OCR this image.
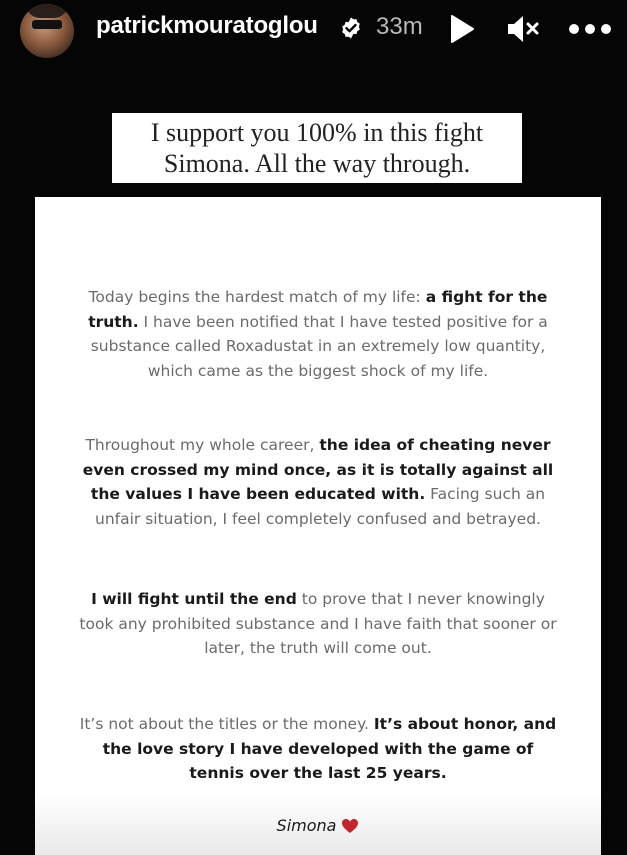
patrickmouratoglou 33m
I support you 100% in this fight
Simona. All the way through.

Today begins the hardest match of my life: a fight for the truth. I have been notified that I have tested positive for a substance called Roxadustat in an extremely low quantity, which came as the biggest shock of my life.

Throughout my whole career, the idea of cheating never even crossed my mind once, as it is totally against all the values I have been educated with. Facing such an unfair situation, I feel completely confused and betrayed.

I will fight until the end to prove that I never knowingly took any prohibited substance and I have faith that sooner or later, the truth will come out.

It’s not about the titles or the money. It’s about honor, and the love story I have developed with the game of tennis over the last 25 years.

Simona
